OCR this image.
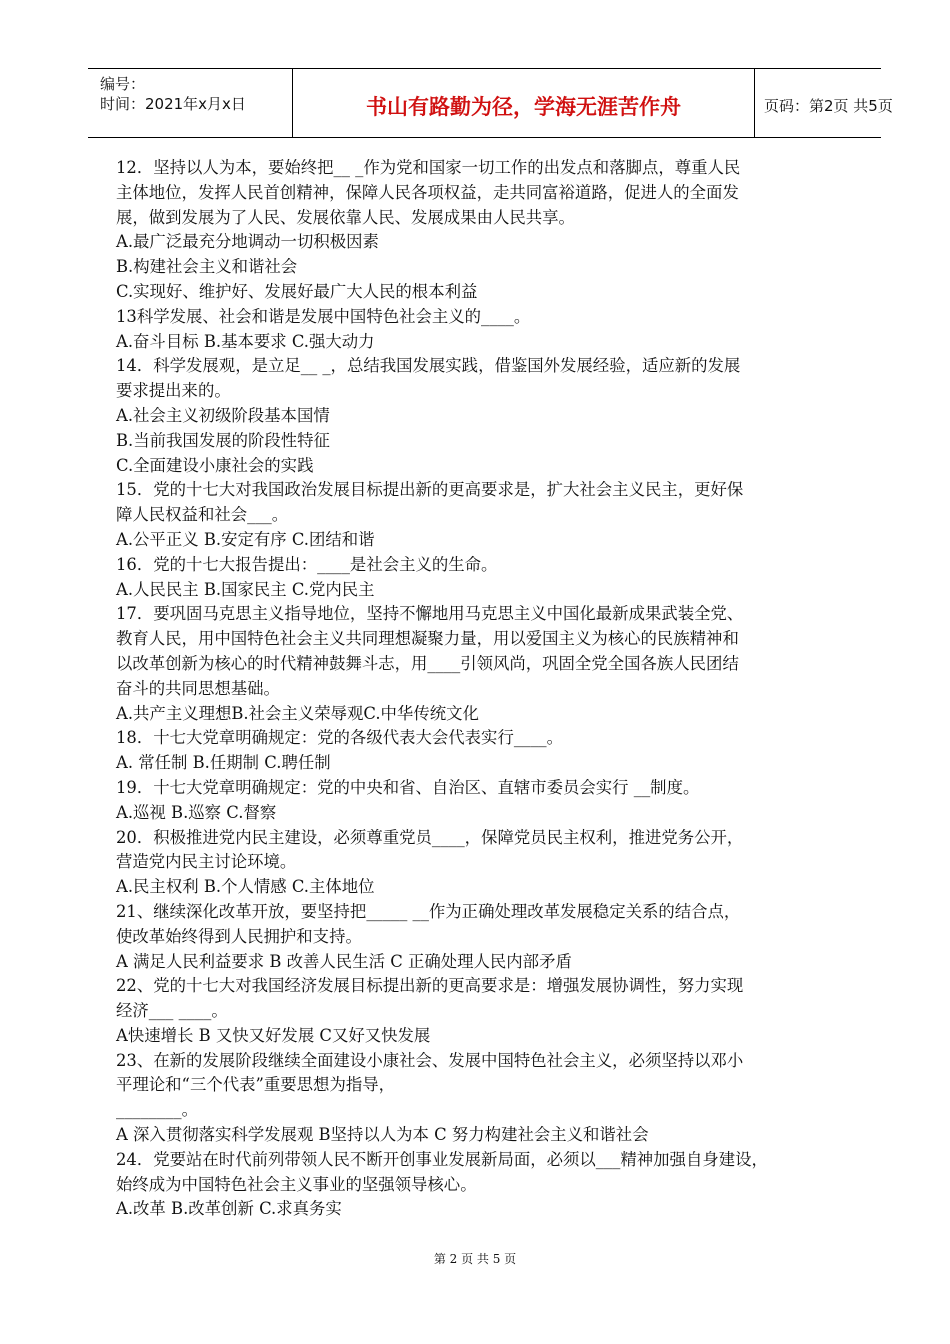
编号：
时间：2021年x月x日	书山有路勤为径，学海无涯苦作舟	页码：第2页 共5页
12．坚持以人为本，要始终把__ _作为党和国家一切工作的出发点和落脚点，尊重人民
主体地位，发挥人民首创精神，保障人民各项权益，走共同富裕道路，促进人的全面发
展，做到发展为了人民、发展依靠人民、发展成果由人民共享。
A.最广泛最充分地调动一切积极因素
B.构建社会主义和谐社会
C.实现好、维护好、发展好最广大人民的根本利益
13科学发展、社会和谐是发展中国特色社会主义的____。
A.奋斗目标 B.基本要求 C.强大动力
14．科学发展观，是立足__ _，总结我国发展实践，借鉴国外发展经验，适应新的发展
要求提出来的。
A.社会主义初级阶段基本国情
B.当前我国发展的阶段性特征
C.全面建设小康社会的实践
15．党的十七大对我国政治发展目标提出新的更高要求是，扩大社会主义民主，更好保
障人民权益和社会___。
A.公平正义 B.安定有序 C.团结和谐
16．党的十七大报告提出：____是社会主义的生命。
A.人民民主 B.国家民主 C.党内民主
17．要巩固马克思主义指导地位，坚持不懈地用马克思主义中国化最新成果武装全党、
教育人民，用中国特色社会主义共同理想凝聚力量，用以爱国主义为核心的民族精神和
以改革创新为核心的时代精神鼓舞斗志，用____引领风尚，巩固全党全国各族人民团结
奋斗的共同思想基础。
A.共产主义理想B.社会主义荣辱观C.中华传统文化
18．十七大党章明确规定：党的各级代表大会代表实行____。
A. 常任制 B.任期制 C.聘任制
19．十七大党章明确规定：党的中央和省、自治区、直辖市委员会实行 __制度。
A.巡视 B.巡察 C.督察
20．积极推进党内民主建设，必须尊重党员____，保障党员民主权利，推进党务公开，
营造党内民主讨论环境。
A.民主权利 B.个人情感 C.主体地位
21、继续深化改革开放，要坚持把_____ __作为正确处理改革发展稳定关系的结合点，
使改革始终得到人民拥护和支持。
A 满足人民利益要求 B 改善人民生活 C 正确处理人民内部矛盾
22、党的十七大对我国经济发展目标提出新的更高要求是：增强发展协调性，努力实现
经济___ ____。
A快速增长 B 又快又好发展 C又好又快发展
23、在新的发展阶段继续全面建设小康社会、发展中国特色社会主义，必须坚持以邓小
平理论和“三个代表”重要思想为指导，
________。
A 深入贯彻落实科学发展观 B坚持以人为本 C 努力构建社会主义和谐社会
24．党要站在时代前列带领人民不断开创事业发展新局面，必须以___精神加强自身建设，
始终成为中国特色社会主义事业的坚强领导核心。
A.改革 B.改革创新 C.求真务实
第 2 页 共 5 页
